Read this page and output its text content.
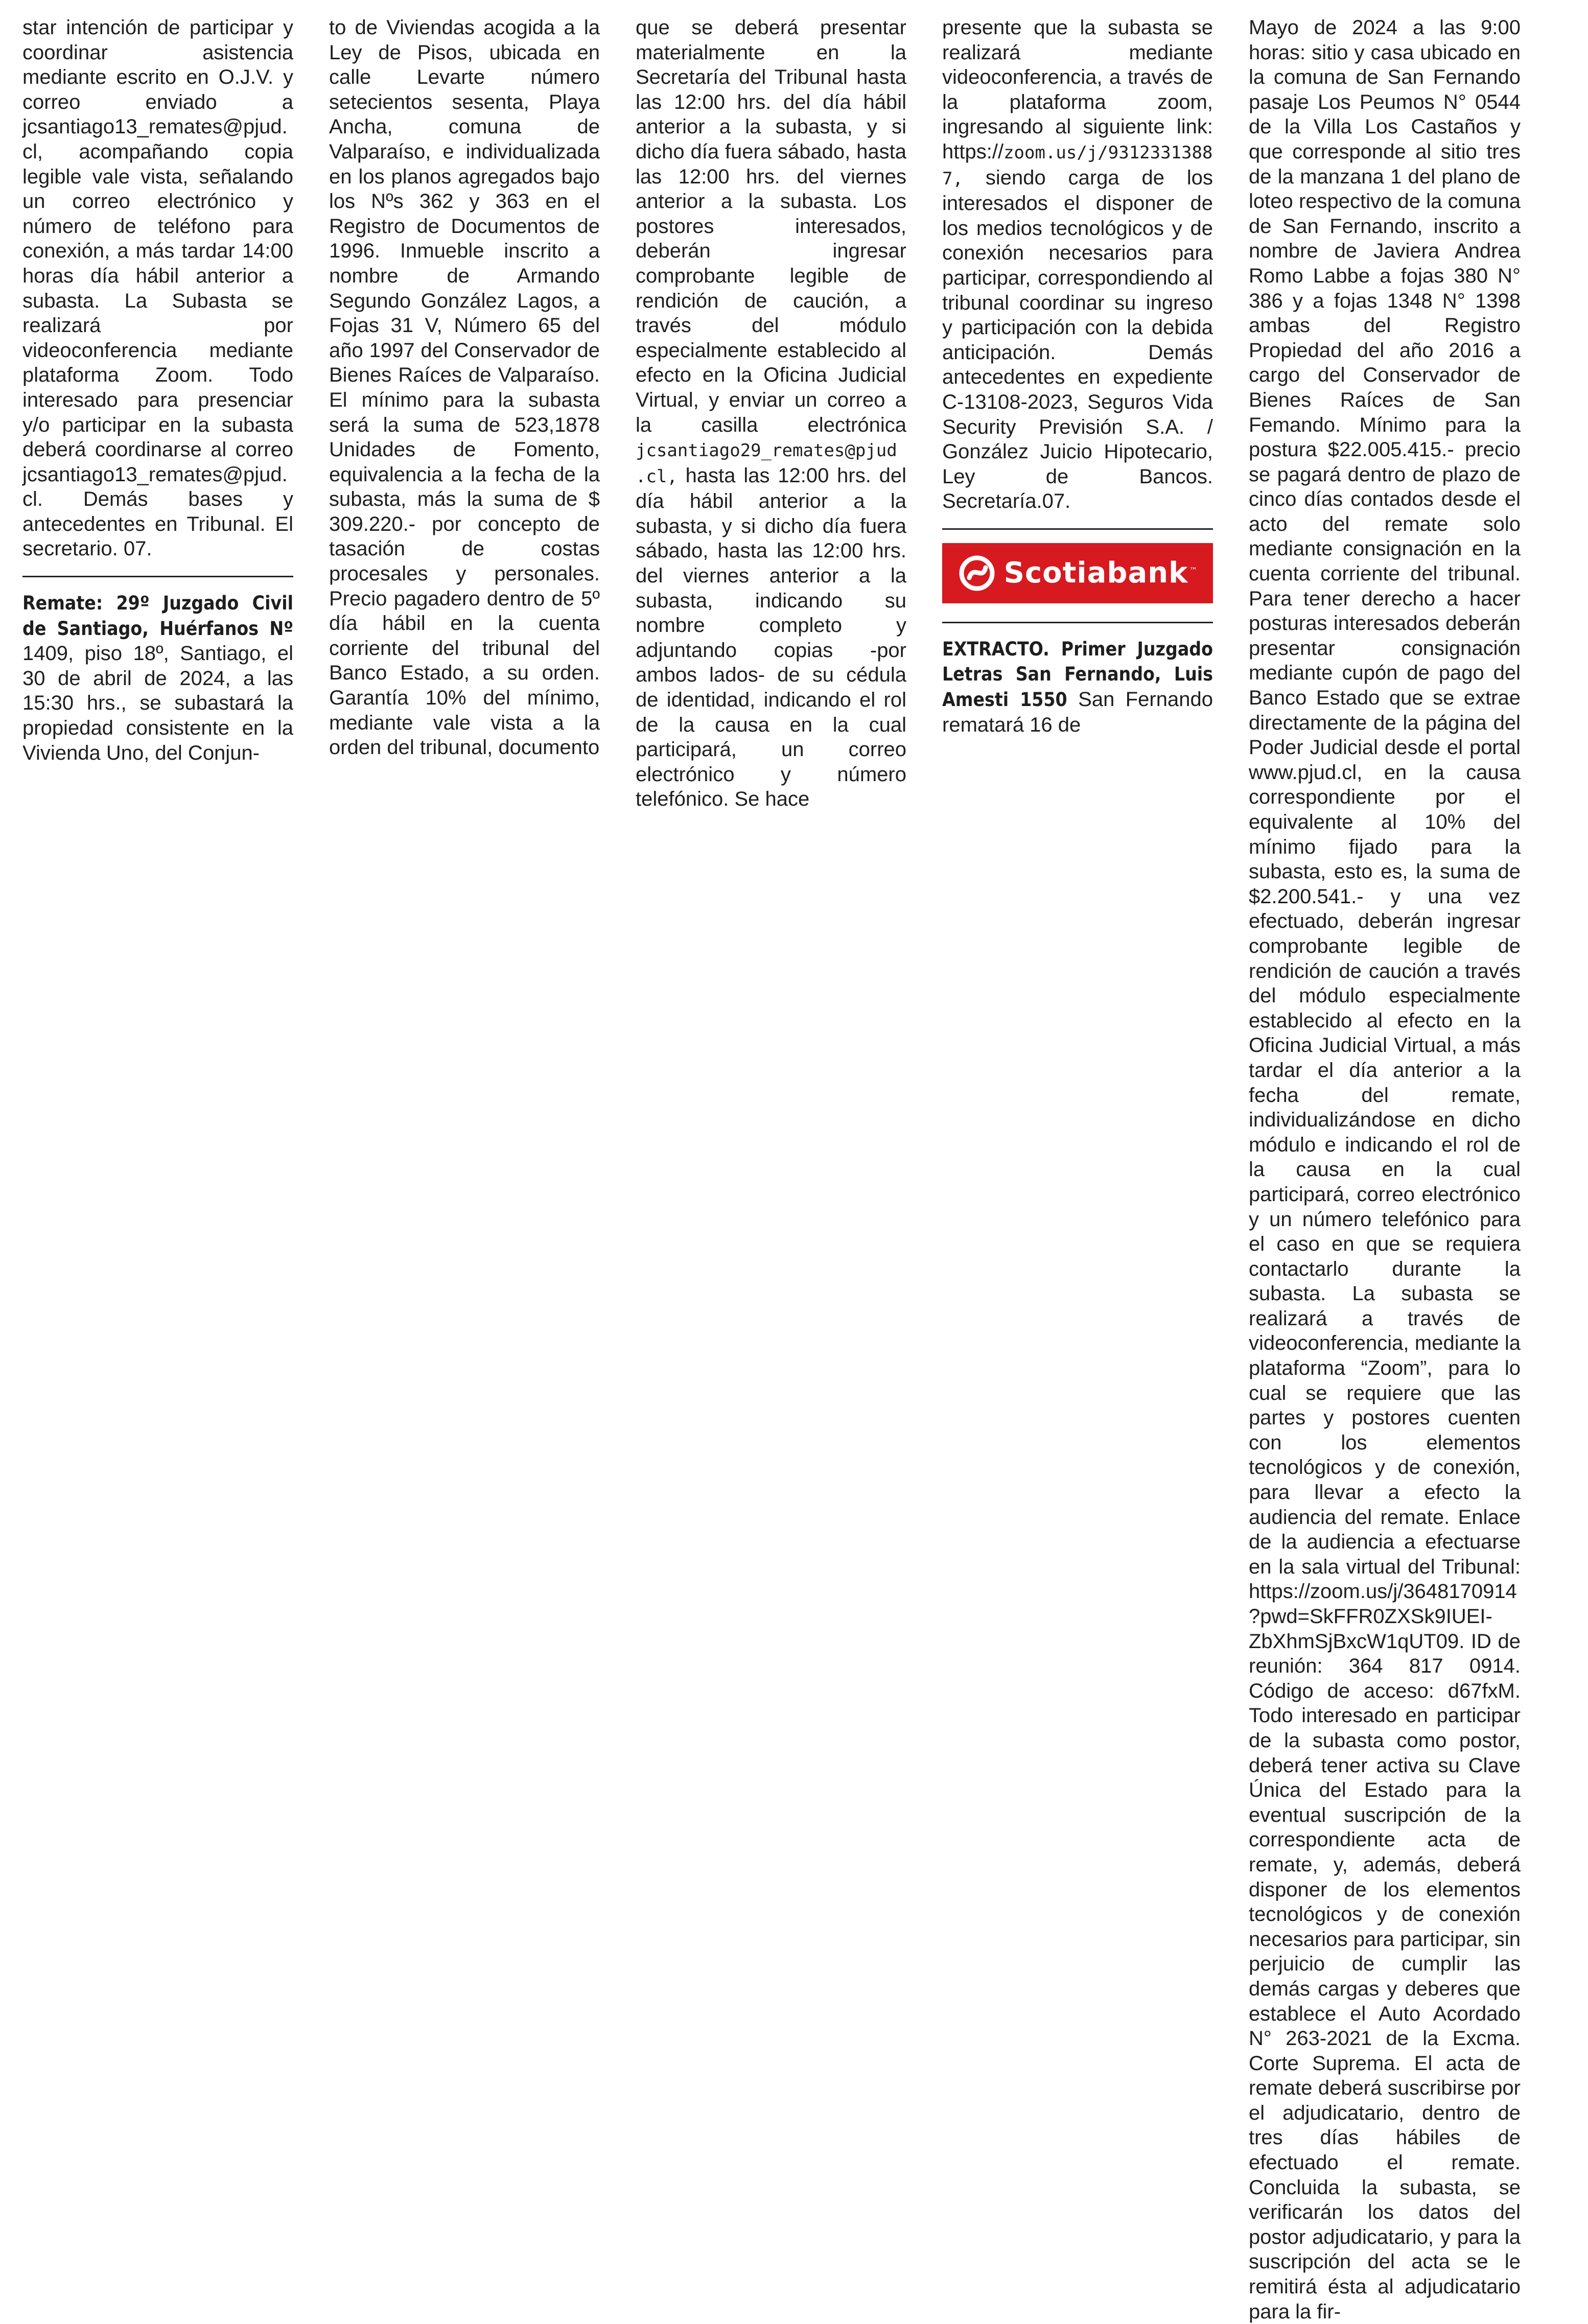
star intención de participar y coordinar asistencia mediante escrito en O.J.V. y correo enviado a jcsantiago13_remates@pjud.cl, acompañando copia legible vale vista, señalando un correo electrónico y número de teléfono para conexión, a más tardar 14:00 horas día hábil anterior a subasta. La Subasta se realizará por videoconferencia mediante plataforma Zoom. Todo interesado para presenciar y/o participar en la subasta deberá coordinarse al correo jcsantiago13_remates@pjud.cl. Demás bases y antecedentes en Tribunal. El secretario. 07.

Remate: 29º Juzgado Civil de Santiago, Huérfanos Nº 1409, piso 18º, Santiago, el 30 de abril de 2024, a las 15:30 hrs., se subastará la propiedad consistente en la Vivienda Uno, del Conjun-

to de Viviendas acogida a la Ley de Pisos, ubicada en calle Levarte número setecientos sesenta, Playa Ancha, comuna de Valparaíso, e individualizada en los planos agregados bajo los Nºs 362 y 363 en el Registro de Documentos de 1996. Inmueble inscrito a nombre de Armando Segundo González Lagos, a Fojas 31 V, Número 65 del año 1997 del Conservador de Bienes Raíces de Valparaíso. El mínimo para la subasta será la suma de 523,1878 Unidades de Fomento, equivalencia a la fecha de la subasta, más la suma de $ 309.220.- por concepto de tasación de costas procesales y personales. Precio pagadero dentro de 5º día hábil en la cuenta corriente del tribunal del Banco Estado, a su orden. Garantía 10% del mínimo, mediante vale vista a la orden del tribunal, documento

que se deberá presentar materialmente en la Secretaría del Tribunal hasta las 12:00 hrs. del día hábil anterior a la subasta, y si dicho día fuera sábado, hasta las 12:00 hrs. del viernes anterior a la subasta. Los postores interesados, deberán ingresar comprobante legible de rendición de caución, a través del módulo especialmente establecido al efecto en la Oficina Judicial Virtual, y enviar un correo a la casilla electrónica jcsantiago29_remates@pjud.cl, hasta las 12:00 hrs. del día hábil anterior a la subasta, y si dicho día fuera sábado, hasta las 12:00 hrs. del viernes anterior a la subasta, indicando su nombre completo y adjuntando copias -por ambos lados- de su cédula de identidad, indicando el rol de la causa en la cual participará, un correo electrónico y número telefónico. Se hace

presente que la subasta se realizará mediante videoconferencia, a través de la plataforma zoom, ingresando al siguiente link: https://zoom.us/j/93123313887, siendo carga de los interesados el disponer de los medios tecnológicos y de conexión necesarios para participar, correspondiendo al tribunal coordinar su ingreso y participación con la debida anticipación. Demás antecedentes en expediente C-13108-2023, Seguros Vida Security Previsión S.A. / González Juicio Hipotecario, Ley de Bancos. Secretaría.07.

Scotiabank ™

EXTRACTO. Primer Juzgado Letras San Fernando, Luis Amesti 1550 San Fernando rematará 16 de

Mayo de 2024 a las 9:00 horas: sitio y casa ubicado en la comuna de San Fernando pasaje Los Peumos N° 0544 de la Villa Los Castaños y que corresponde al sitio tres de la manzana 1 del plano de loteo respectivo de la comuna de San Fernando, inscrito a nombre de Javiera Andrea Romo Labbe a fojas 380 N° 386 y a fojas 1348 N° 1398 ambas del Registro Propiedad del año 2016 a cargo del Conservador de Bienes Raíces de San Femando. Mínimo para la postura $22.005.415.- precio se pagará dentro de plazo de cinco días contados desde el acto del remate solo mediante consignación en la cuenta corriente del tribunal. Para tener derecho a hacer posturas interesados deberán presentar consignación mediante cupón de pago del Banco Estado que se extrae directamente de la página del Poder Judicial desde el portal www.pjud.cl, en la causa correspondiente por el equivalente al 10% del mínimo fijado para la subasta, esto es, la suma de $2.200.541.- y una vez efectuado, deberán ingresar comprobante legible de rendición de caución a través del módulo especialmente establecido al efecto en la Oficina Judicial Virtual, a más tardar el día anterior a la fecha del remate, individualizándose en dicho módulo e indicando el rol de la causa en la cual participará, correo electrónico y un número telefónico para el caso en que se requiera contactarlo durante la subasta. La subasta se realizará a través de videoconferencia, mediante la plataforma “Zoom”, para lo cual se requiere que las partes y postores cuenten con los elementos tecnológicos y de conexión, para llevar a efecto la audiencia del remate. Enlace de la audiencia a efectuarse en la sala virtual del Tribunal: https://zoom.us/j/3648170914?pwd=SkFFR0ZXSk9IUEI-ZbXhmSjBxcW1qUT09. ID de reunión: 364 817 0914. Código de acceso: d67fxM. Todo interesado en participar de la subasta como postor, deberá tener activa su Clave Única del Estado para la eventual suscripción de la correspondiente acta de remate, y, además, deberá disponer de los elementos tecnológicos y de conexión necesarios para participar, sin perjuicio de cumplir las demás cargas y deberes que establece el Auto Acordado N° 263-2021 de la Excma. Corte Suprema. El acta de remate deberá suscribirse por el adjudicatario, dentro de tres días hábiles de efectuado el remate. Concluida la subasta, se verificarán los datos del postor adjudicatario, y para la suscripción del acta se le remitirá ésta al adjudicatario para la fir-
